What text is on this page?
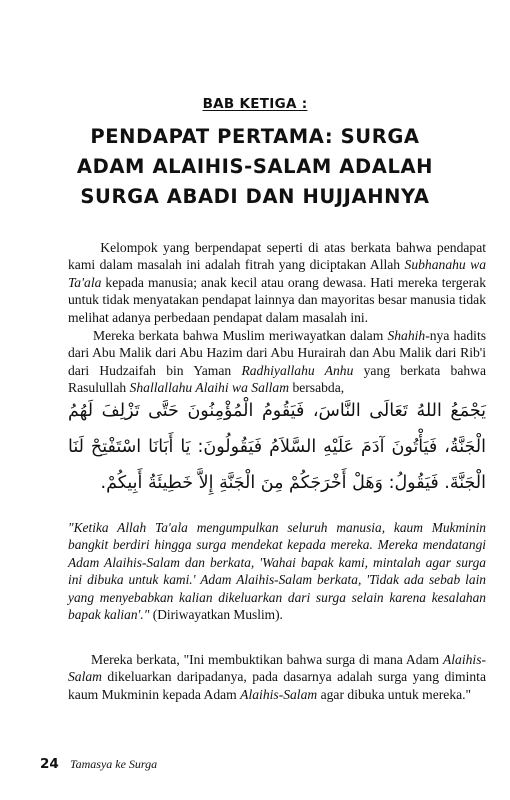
BAB KETIGA :
PENDAPAT PERTAMA: SURGA
ADAM ALAIHIS-SALAM ADALAH
SURGA ABADI DAN HUJJAHNYA

Kelompok yang berpendapat seperti di atas berkata bahwa pendapat kami dalam masalah ini adalah fitrah yang diciptakan Allah Subhanahu wa Ta'ala kepada manusia; anak kecil atau orang dewasa. Hati mereka tergerak untuk tidak menyatakan pendapat lainnya dan mayoritas besar manusia tidak melihat adanya perbedaan pendapat dalam masalah ini.

Mereka berkata bahwa Muslim meriwayatkan dalam Shahih-nya hadits dari Abu Malik dari Abu Hazim dari Abu Hurairah dan Abu Malik dari Rib'i dari Hudzaifah bin Yaman Radhiyallahu Anhu yang berkata bahwa Rasulullah Shallallahu Alaihi wa Sallam bersabda,

يَجْمَعُ اللهُ تَعَالَى النَّاسَ، فَيَقُومُ الْمُؤْمِنُونَ حَتَّى تَزْلِفَ لَهُمُ الْجَنَّةُ، فَيَأْتُونَ آدَمَ عَلَيْهِ السَّلاَمُ فَيَقُولُونَ: يَا أَبَانَا اسْتَفْتِحْ لَنَا الْجَنَّةَ. فَيَقُولُ: وَهَلْ أَخْرَجَكُمْ مِنَ الْجَنَّةِ إِلاَّ خَطِيئَةُ أَبِيكُمْ.

"Ketika Allah Ta'ala mengumpulkan seluruh manusia, kaum Mukminin bangkit berdiri hingga surga mendekat kepada mereka. Mereka mendatangi Adam Alaihis-Salam dan berkata, 'Wahai bapak kami, mintalah agar surga ini dibuka untuk kami.' Adam Alaihis-Salam berkata, 'Tidak ada sebab lain yang menyebabkan kalian dikeluarkan dari surga selain karena kesalahan bapak kalian'." (Diriwayatkan Muslim).

Mereka berkata, "Ini membuktikan bahwa surga di mana Adam Alaihis-Salam dikeluarkan daripadanya, pada dasarnya adalah surga yang diminta kaum Mukminin kepada Adam Alaihis-Salam agar dibuka untuk mereka."

24 Tamasya ke Surga
